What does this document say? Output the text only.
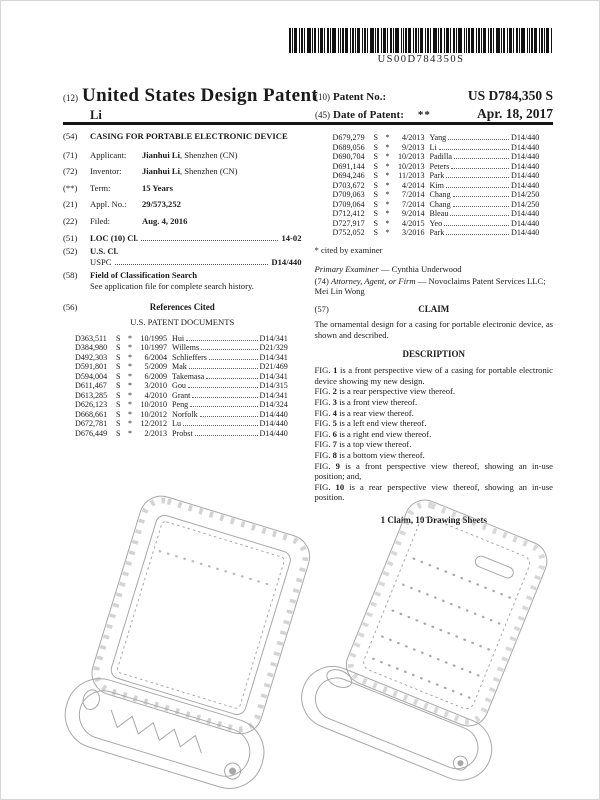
US00D784350S
(12) United States Design Patent
Li
(10) Patent No.:	US D784,350 S
(45) Date of Patent: **	Apr. 18, 2017
(54)	CASING FOR PORTABLE ELECTRONIC DEVICE
(71)	Applicant: Jianhui Li, Shenzhen (CN)
(72)	Inventor: Jianhui Li, Shenzhen (CN)
(**)	Term:	15 Years
(21)	Appl. No.: 29/573,252
(22)	Filed:	Aug. 4, 2016
(51)	LOC (10) Cl.	14-02
(52)	U.S. Cl.
USPC	D14/440
(58)	Field of Classification Search
See application file for complete search history.
(56)	References Cited
U.S. PATENT DOCUMENTS
D363,511	S *	10/1995 Hui	D14/341
D384,980	S *	10/1997 Willems	D21/329
D492,303	S *	6/2004 Schlieffers	D14/341
D591,801	S *	5/2009 Mak	D21/469
D594,004	S *	6/2009 Takemasa	D14/341
D611,467	S *	3/2010 Gou	D14/315
D613,285	S *	4/2010 Grant	D14/341
D626,123	S *	10/2010 Peng	D14/324
D668,661	S *	10/2012 Norfolk	D14/440
D672,781	S *	12/2012 Lu	D14/440
D676,449	S *	2/2013 Probst	D14/440
D679,279	S *	4/2013 Yang	D14/440
D689,056	S *	9/2013 Li	D14/440
D690,704	S *	10/2013 Padilla	D14/440
D691,144	S *	10/2013 Peters	D14/440
D694,246	S *	11/2013 Park	D14/440
D703,672	S *	4/2014 Kim	D14/440
D709,063	S *	7/2014 Chang	D14/250
D709,064	S *	7/2014 Chang	D14/250
D712,412	S *	9/2014 Bleau	D14/440
D727,917	S *	4/2015 Yeo	D14/440
D752,052	S *	3/2016 Park	D14/440
* cited by examiner
Primary Examiner — Cynthia Underwood
(74) Attorney, Agent, or Firm — Novoclaims Patent Services LLC; Mei Lin Wong
(57)	CLAIM
The ornamental design for a casing for portable electronic device, as shown and described.
DESCRIPTION
FIG. 1 is a front perspective view of a casing for portable electronic device showing my new design.
FIG. 2 is a rear perspective view thereof.
FIG. 3 is a front view thereof.
FIG. 4 is a rear view thereof.
FIG. 5 is a left end view thereof.
FIG. 6 is a right end view thereof.
FIG. 7 is a top view thereof.
FIG. 8 is a bottom view thereof.
FIG. 9 is a front perspective view thereof, showing an in-use position; and,
FIG. 10 is a rear perspective view thereof, showing an in-use position.
1 Claim, 10 Drawing Sheets
